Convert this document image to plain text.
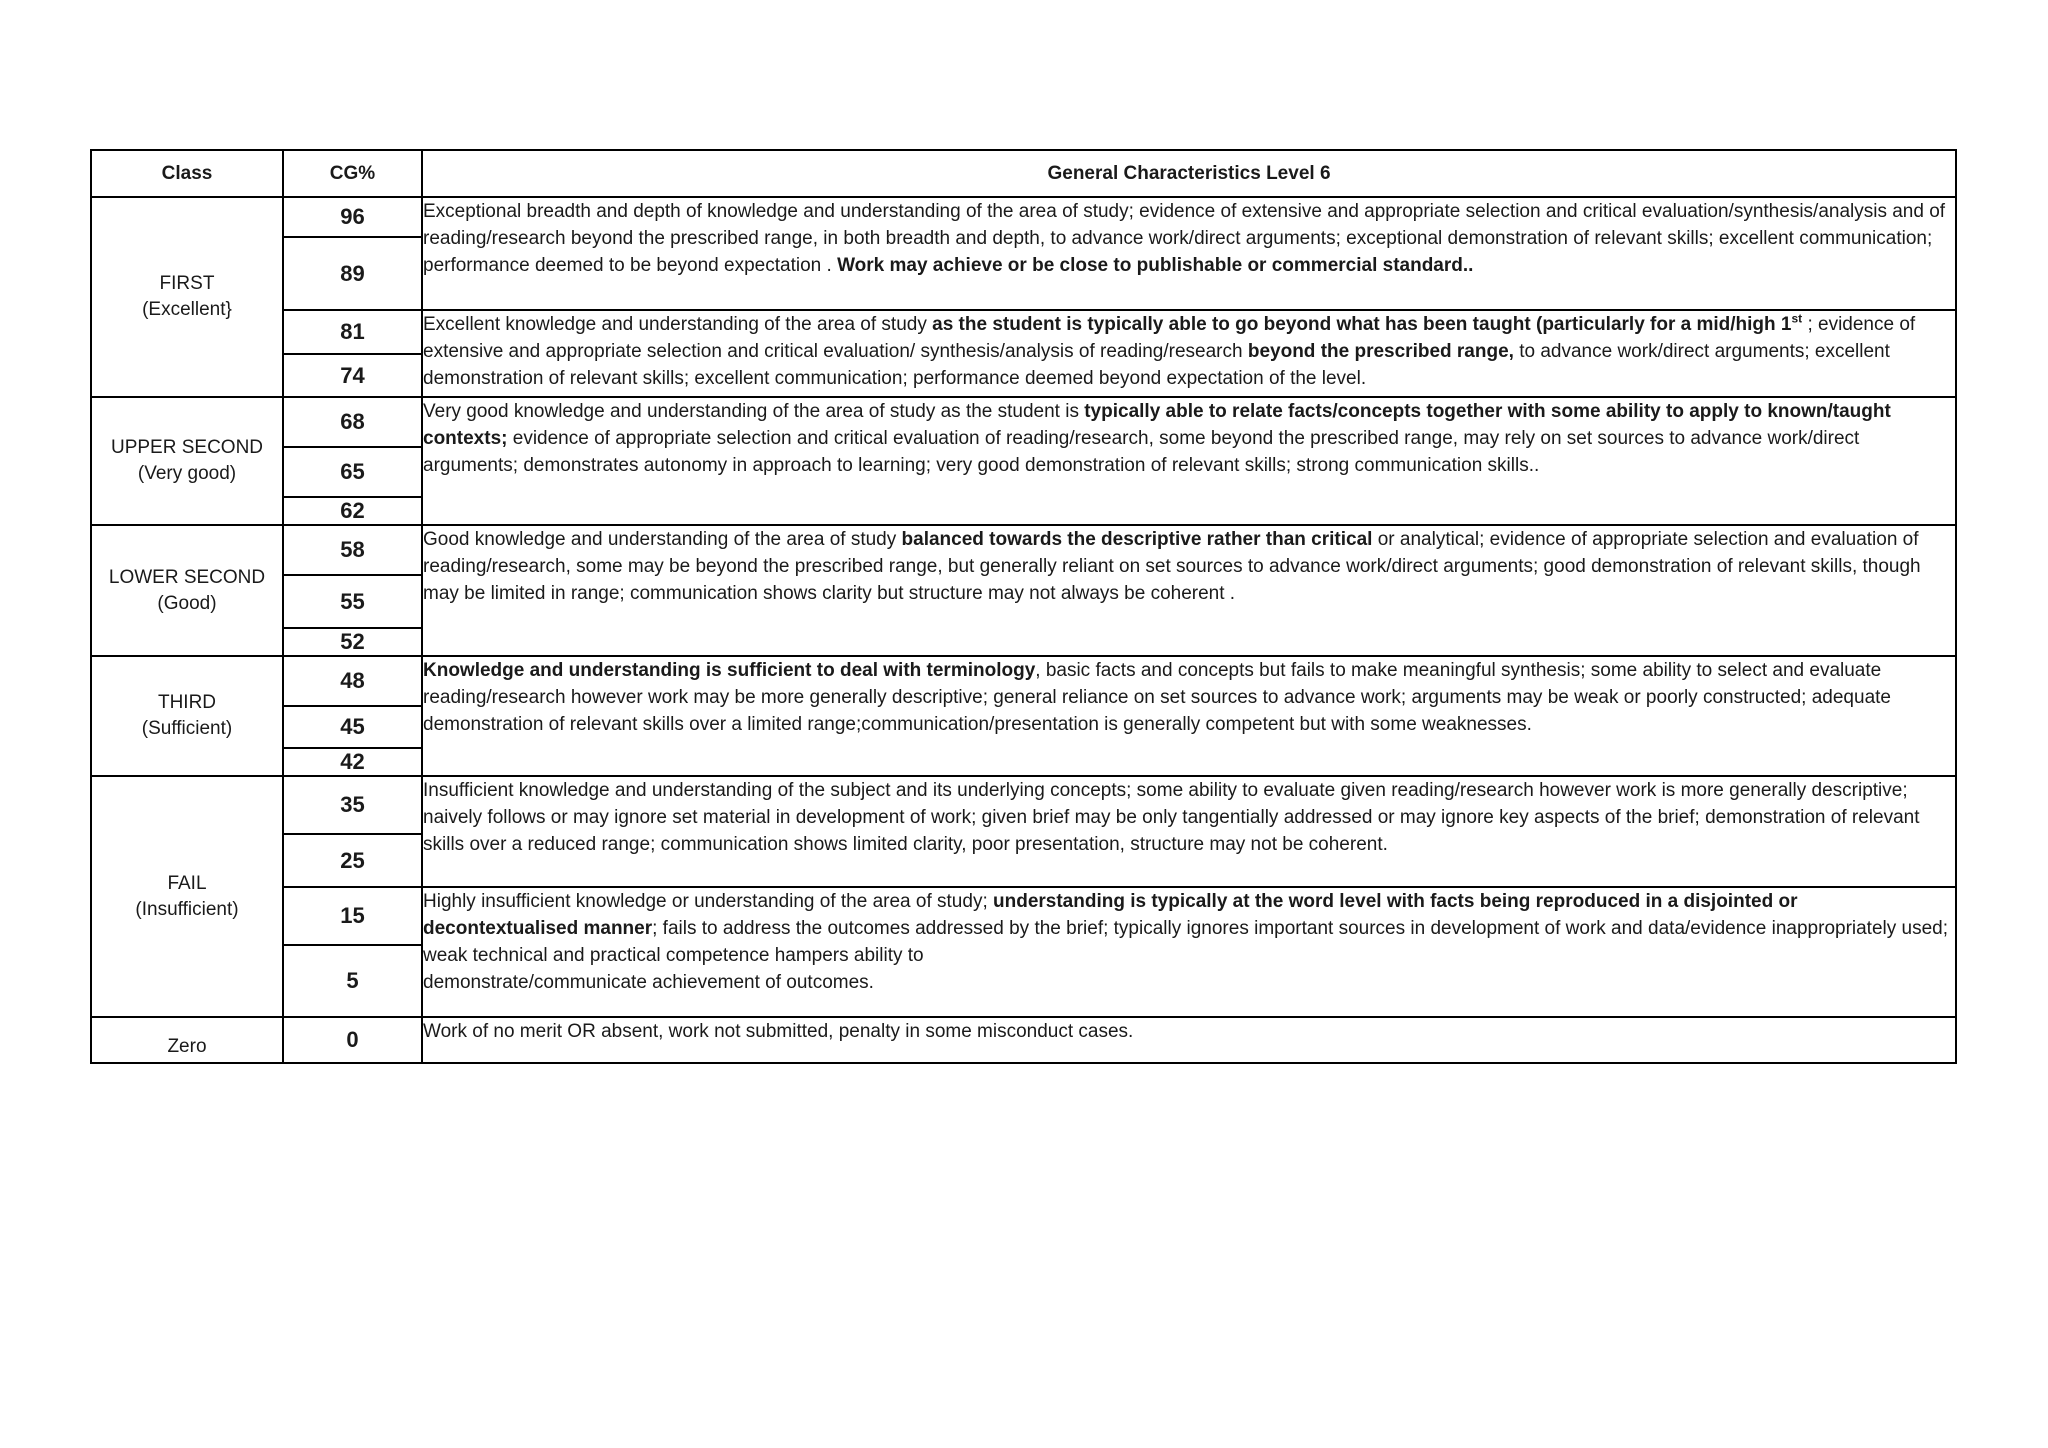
Class	CG%	General Characteristics Level 6

FIRST
(Excellent}	96	Exceptional breadth and depth of knowledge and understanding of the area of study; evidence of extensive and appropriate selection and critical evaluation/synthesis/analysis and of reading/research beyond the prescribed range, in both breadth and depth, to advance work/direct arguments; exceptional demonstration of relevant skills; excellent communication; performance deemed to be beyond expectation . Work may achieve or be close to publishable or commercial standard..
	89	
	81	Excellent knowledge and understanding of the area of study as the student is typically able to go beyond what has been taught (particularly for a mid/high 1st ; evidence of extensive and appropriate selection and critical evaluation/ synthesis/analysis of reading/research beyond the prescribed range, to advance work/direct arguments; excellent demonstration of relevant skills; excellent communication; performance deemed beyond expectation of the level.
	74	

UPPER SECOND
(Very good)	68	Very good knowledge and understanding of the area of study as the student is typically able to relate facts/concepts together with some ability to apply to known/taught contexts; evidence of appropriate selection and critical evaluation of reading/research, some beyond the prescribed range, may rely on set sources to advance work/direct arguments; demonstrates autonomy in approach to learning; very good demonstration of relevant skills; strong communication skills..
	65	
	62	

LOWER SECOND
(Good)	58	Good knowledge and understanding of the area of study balanced towards the descriptive rather than critical or analytical; evidence of appropriate selection and evaluation of reading/research, some may be beyond the prescribed range, but generally reliant on set sources to advance work/direct arguments; good demonstration of relevant skills, though may be limited in range; communication shows clarity but structure may not always be coherent .
	55	
	52	

THIRD
(Sufficient)	48	Knowledge and understanding is sufficient to deal with terminology, basic facts and concepts but fails to make meaningful synthesis; some ability to select and evaluate reading/research however work may be more generally descriptive; general reliance on set sources to advance work; arguments may be weak or poorly constructed; adequate demonstration of relevant skills over a limited range;communication/presentation is generally competent but with some weaknesses.
	45	
	42	

FAIL
(Insufficient)	35	Insufficient knowledge and understanding of the subject and its underlying concepts; some ability to evaluate given reading/research however work is more generally descriptive; naively follows or may ignore set material in development of work; given brief may be only tangentially addressed or may ignore key aspects of the brief; demonstration of relevant skills over a reduced range; communication shows limited clarity, poor presentation, structure may not be coherent.
	25	
	15	Highly insufficient knowledge or understanding of the area of study; understanding is typically at the word level with facts being reproduced in a disjointed or decontextualised manner; fails to address the outcomes addressed by the brief; typically ignores important sources in development of work and data/evidence inappropriately used; weak technical and practical competence hampers ability to
demonstrate/communicate achievement of outcomes.
	5	

Zero	0	Work of no merit OR absent, work not submitted, penalty in some misconduct cases.
